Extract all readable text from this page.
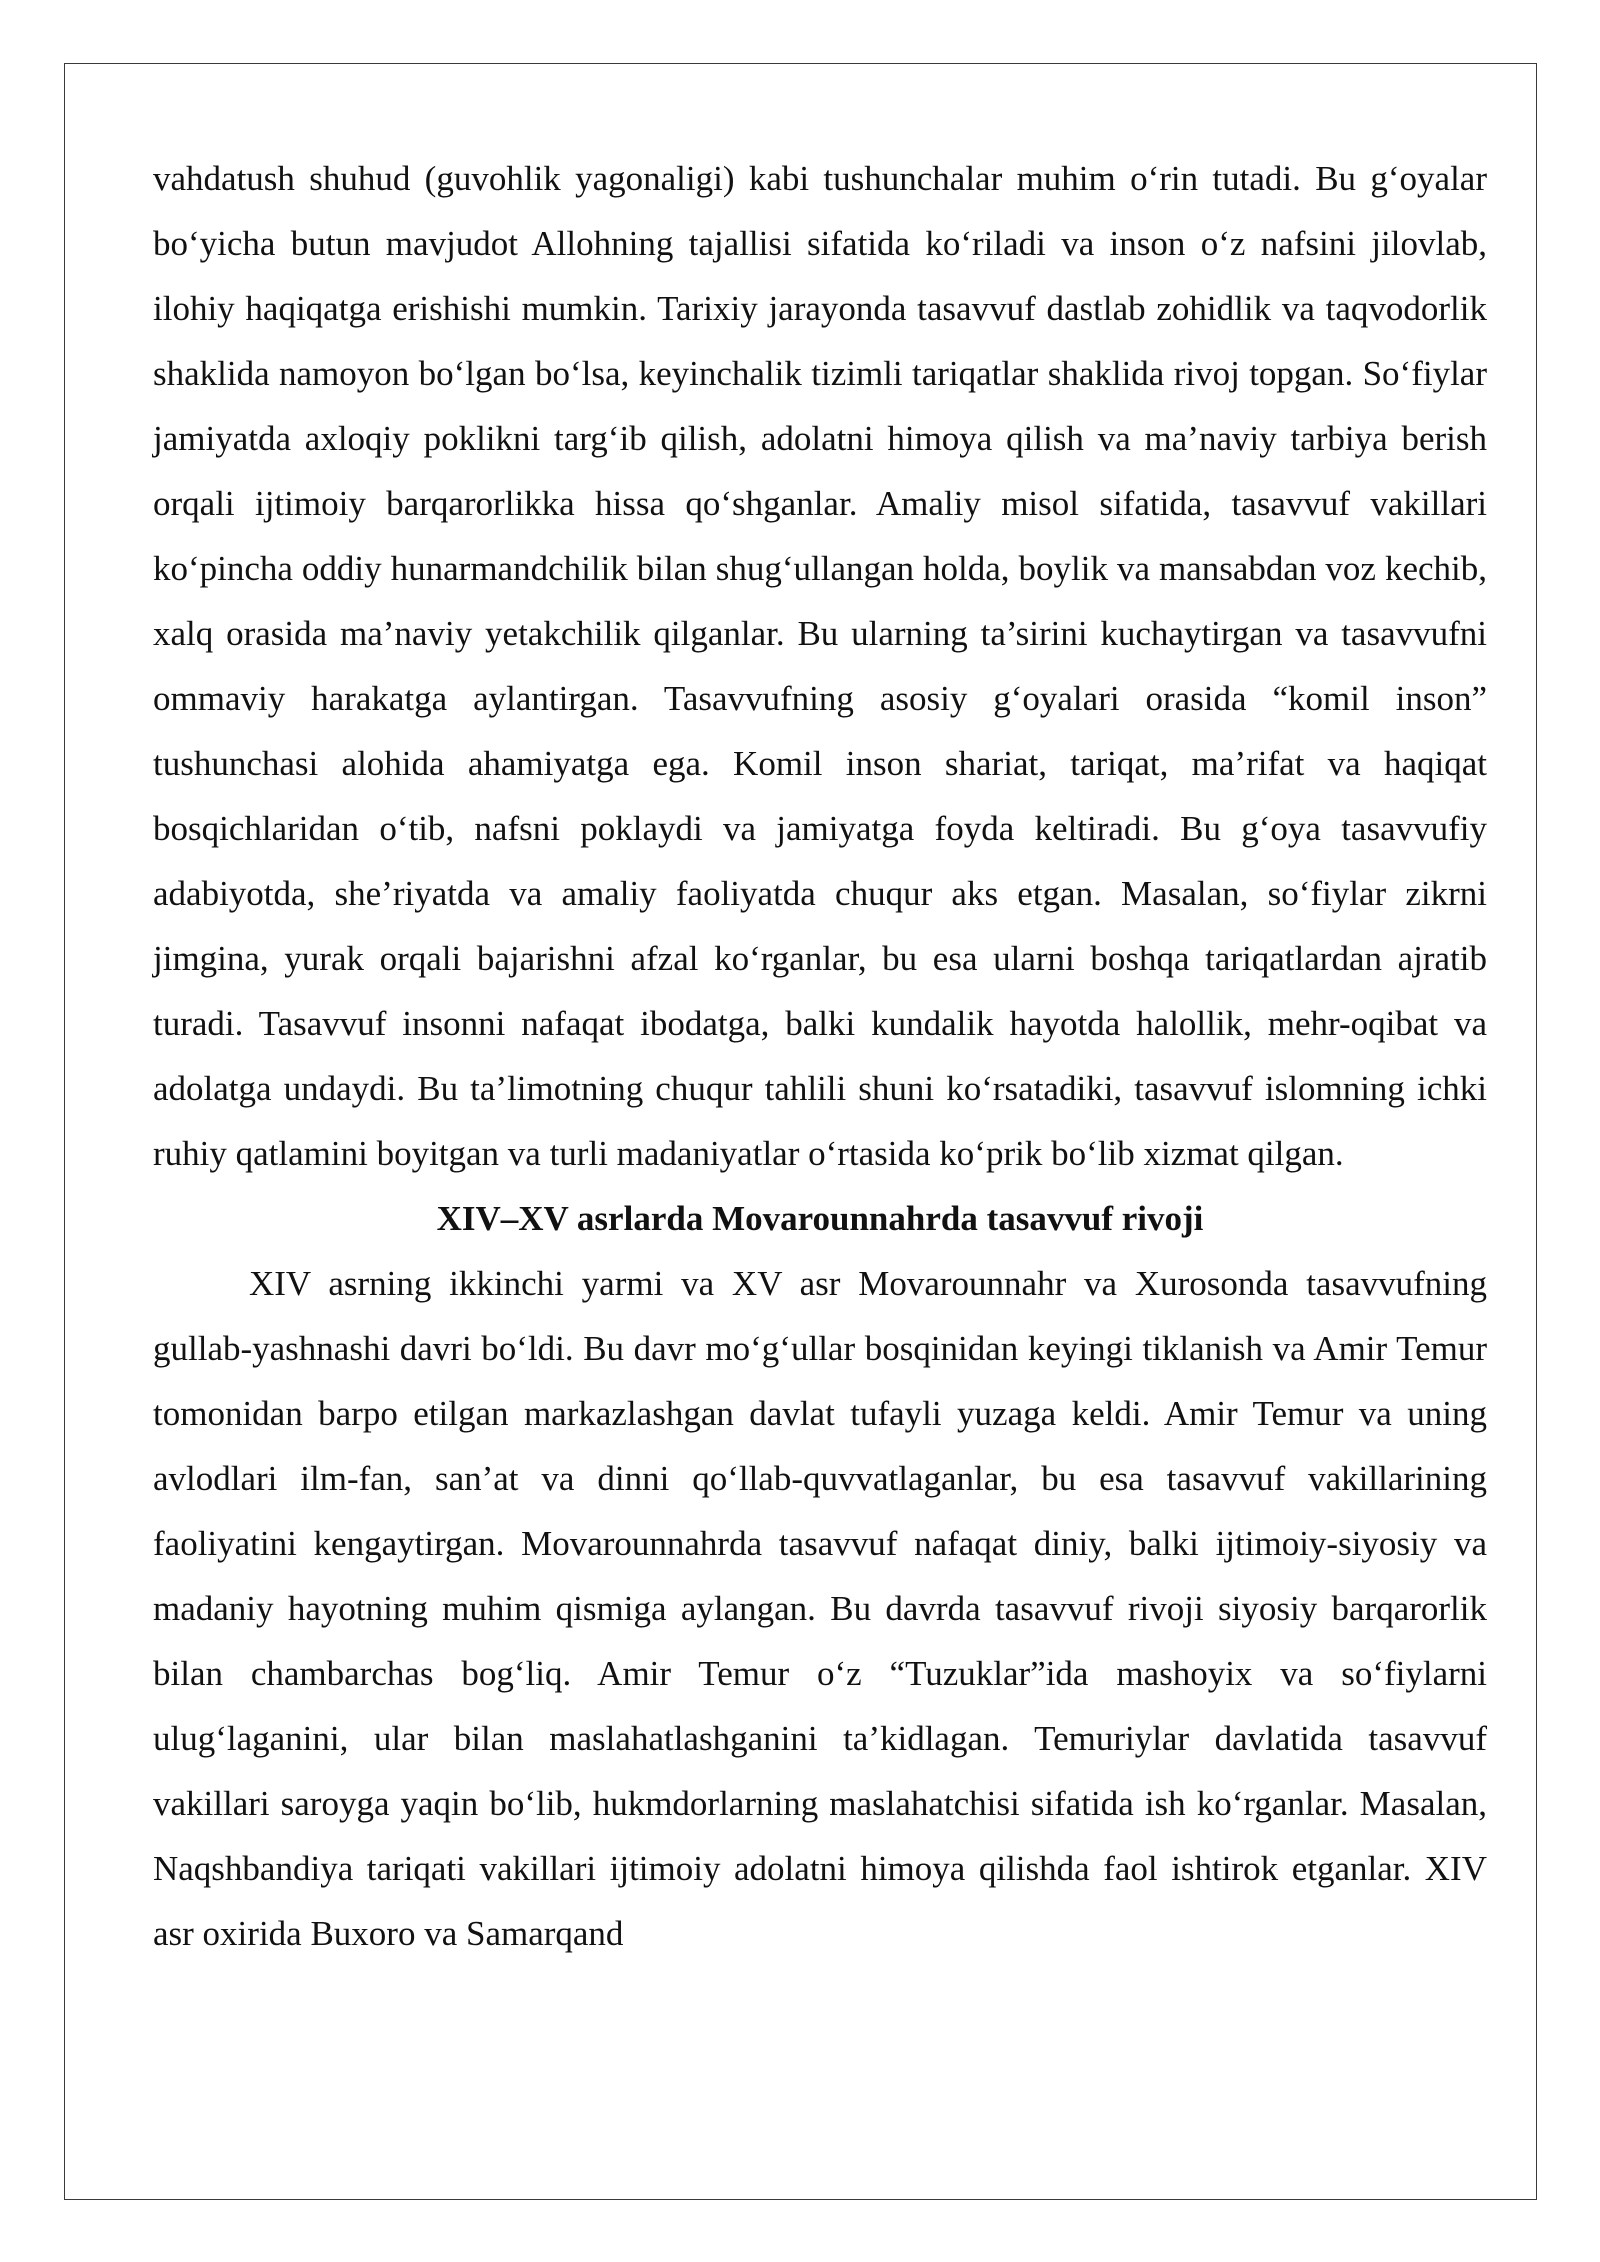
vahdatush shuhud (guvohlik yagonaligi) kabi tushunchalar muhim o‘rin tutadi. Bu g‘oyalar bo‘yicha butun mavjudot Allohning tajallisi sifatida ko‘riladi va inson o‘z nafsini jilovlab, ilohiy haqiqatga erishishi mumkin. Tarixiy jarayonda tasavvuf dastlab zohidlik va taqvodorlik shaklida namoyon bo‘lgan bo‘lsa, keyinchalik tizimli tariqatlar shaklida rivoj topgan. So‘fiylar jamiyatda axloqiy poklikni targ‘ib qilish, adolatni himoya qilish va ma’naviy tarbiya berish orqali ijtimoiy barqarorlikka hissa qo‘shganlar. Amaliy misol sifatida, tasavvuf vakillari ko‘pincha oddiy hunarmandchilik bilan shug‘ullangan holda, boylik va mansabdan voz kechib, xalq orasida ma’naviy yetakchilik qilganlar. Bu ularning ta’sirini kuchaytirgan va tasavvufni ommaviy harakatga aylantirgan. Tasavvufning asosiy g‘oyalari orasida “komil inson” tushunchasi alohida ahamiyatga ega. Komil inson shariat, tariqat, ma’rifat va haqiqat bosqichlaridan o‘tib, nafsni poklaydi va jamiyatga foyda keltiradi. Bu g‘oya tasavvufiy adabiyotda, she’riyatda va amaliy faoliyatda chuqur aks etgan. Masalan, so‘fiylar zikrni jimgina, yurak orqali bajarishni afzal ko‘rganlar, bu esa ularni boshqa tariqatlardan ajratib turadi. Tasavvuf insonni nafaqat ibodatga, balki kundalik hayotda halollik, mehr-oqibat va adolatga undaydi. Bu ta’limotning chuqur tahlili shuni ko‘rsatadiki, tasavvuf islomning ichki ruhiy qatlamini boyitgan va turli madaniyatlar o‘rtasida ko‘prik bo‘lib xizmat qilgan.

XIV–XV asrlarda Movarounnahrda tasavvuf rivoji

XIV asrning ikkinchi yarmi va XV asr Movarounnahr va Xurosonda tasavvufning gullab-yashnashi davri bo‘ldi. Bu davr mo‘g‘ullar bosqinidan keyingi tiklanish va Amir Temur tomonidan barpo etilgan markazlashgan davlat tufayli yuzaga keldi. Amir Temur va uning avlodlari ilm-fan, san’at va dinni qo‘llab-quvvatlaganlar, bu esa tasavvuf vakillarining faoliyatini kengaytirgan. Movarounnahrda tasavvuf nafaqat diniy, balki ijtimoiy-siyosiy va madaniy hayotning muhim qismiga aylangan. Bu davrda tasavvuf rivoji siyosiy barqarorlik bilan chambarchas bog‘liq. Amir Temur o‘z “Tuzuklar”ida mashoyix va so‘fiylarni ulug‘laganini, ular bilan maslahatlashganini ta’kidlagan. Temuriylar davlatida tasavvuf vakillari saroyga yaqin bo‘lib, hukmdorlarning maslahatchisi sifatida ish ko‘rganlar. Masalan, Naqshbandiya tariqati vakillari ijtimoiy adolatni himoya qilishda faol ishtirok etganlar. XIV asr oxirida Buxoro va Samarqand
